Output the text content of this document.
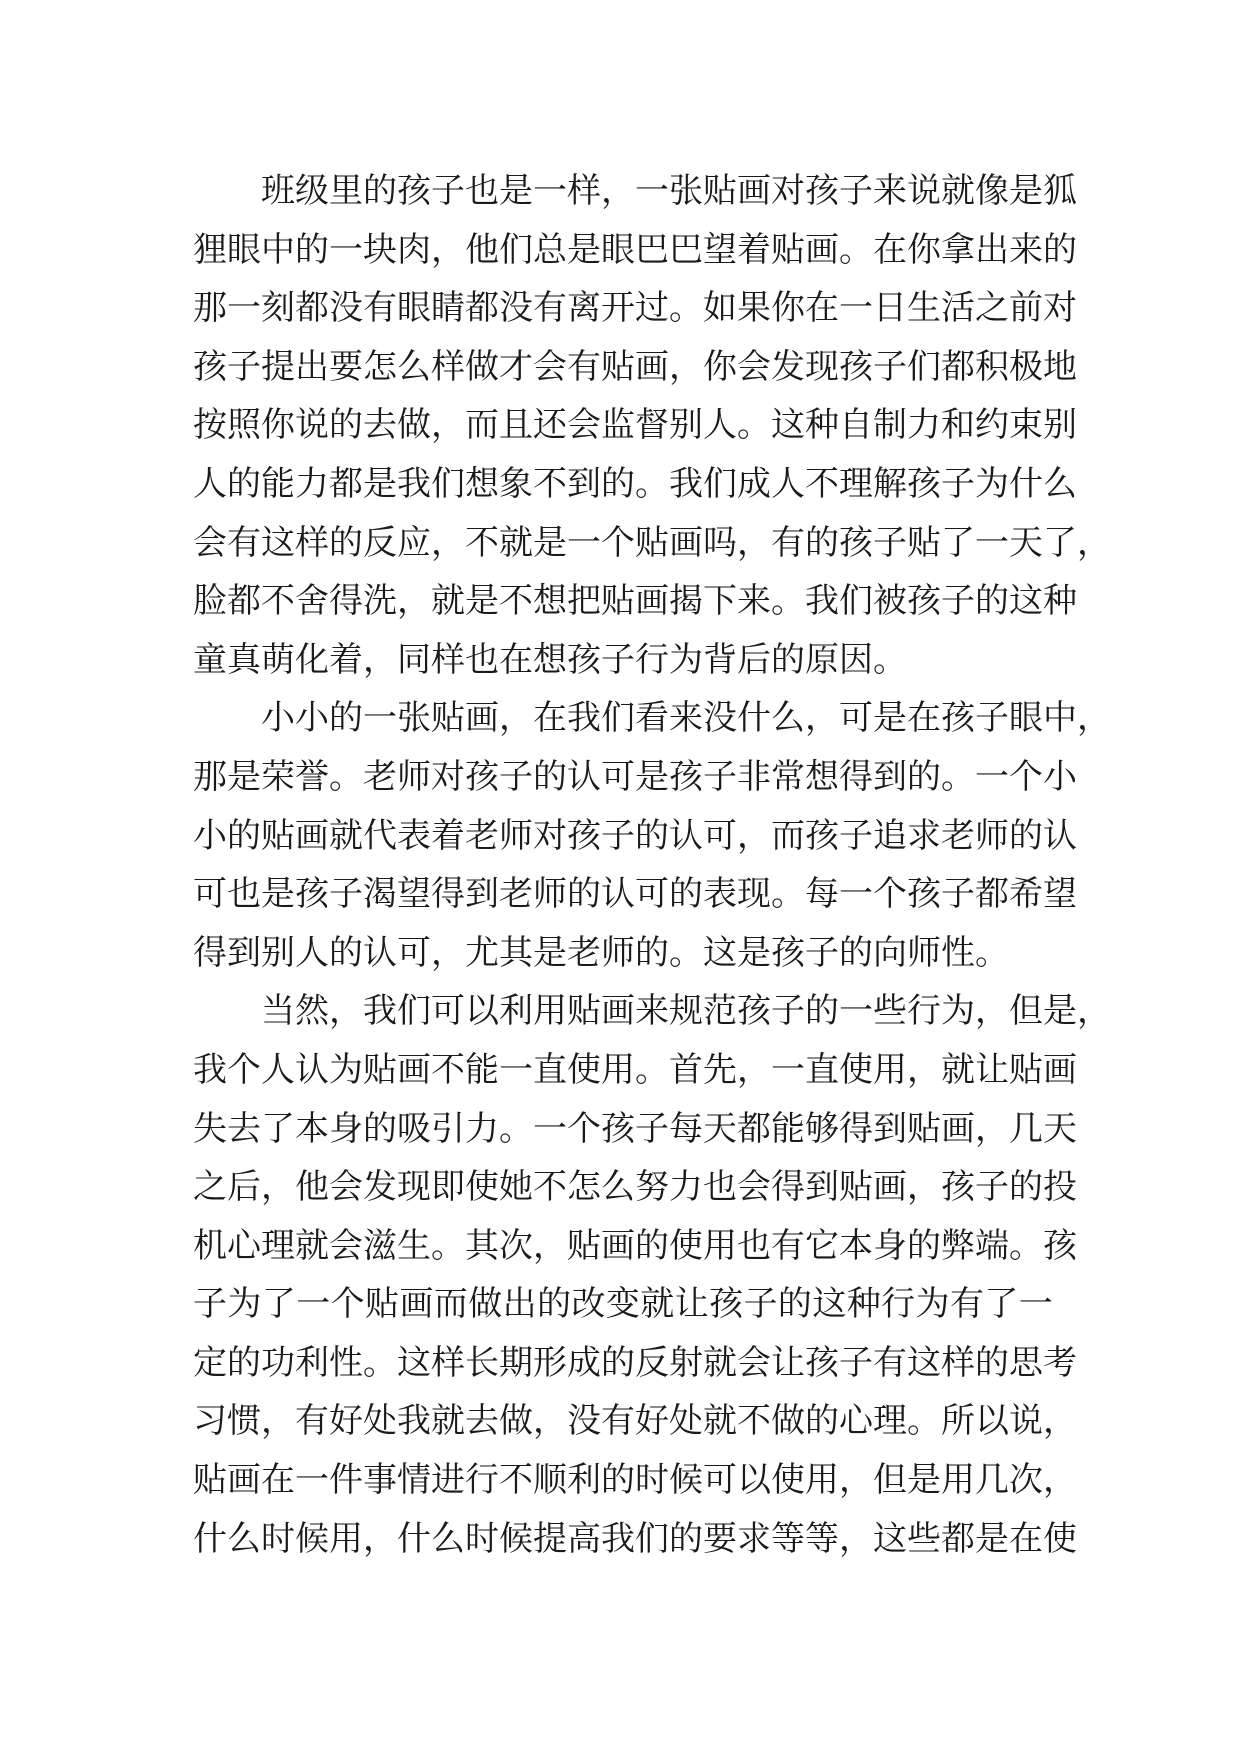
班 级 里 的 孩 子 也 是 一 样 ， 一 张 贴 画 对 孩 子 来 说 就 像 是 狐
狸 眼 中 的 一 块 肉 ， 他 们 总 是 眼 巴 巴 望 着 贴 画 。 在 你 拿 出 来 的
那 一 刻 都 没 有 眼 睛 都 没 有 离 开 过 。 如 果 你 在 一 日 生 活 之 前 对
孩 子 提 出 要 怎 么 样 做 才 会 有 贴 画 ， 你 会 发 现 孩 子 们 都 积 极 地
按 照 你 说 的 去 做 ， 而 且 还 会 监 督 别 人 。 这 种 自 制 力 和 约 束 别
人 的 能 力 都 是 我 们 想 象 不 到 的 。 我 们 成 人 不 理 解 孩 子 为 什 么
会 有 这 样 的 反 应 ， 不 就 是 一 个 贴 画 吗 ， 有 的 孩 子 贴 了 一 天 了 ，
脸 都 不 舍 得 洗 ， 就 是 不 想 把 贴 画 揭 下 来 。 我 们 被 孩 子 的 这 种
童 真 萌 化 着 ， 同 样 也 在 想 孩 子 行 为 背 后 的 原 因 。
小 小 的 一 张 贴 画 ， 在 我 们 看 来 没 什 么 ， 可 是 在 孩 子 眼 中 ，
那 是 荣 誉 。 老 师 对 孩 子 的 认 可 是 孩 子 非 常 想 得 到 的 。 一 个 小
小 的 贴 画 就 代 表 着 老 师 对 孩 子 的 认 可 ， 而 孩 子 追 求 老 师 的 认
可 也 是 孩 子 渴 望 得 到 老 师 的 认 可 的 表 现 。 每 一 个 孩 子 都 希 望
得 到 别 人 的 认 可 ， 尤 其 是 老 师 的 。 这 是 孩 子 的 向 师 性 。
当 然 ， 我 们 可 以 利 用 贴 画 来 规 范 孩 子 的 一 些 行 为 ， 但 是 ，
我 个 人 认 为 贴 画 不 能 一 直 使 用 。 首 先 ， 一 直 使 用 ， 就 让 贴 画
失 去 了 本 身 的 吸 引 力 。 一 个 孩 子 每 天 都 能 够 得 到 贴 画 ， 几 天
之 后 ， 他 会 发 现 即 使 她 不 怎 么 努 力 也 会 得 到 贴 画 ， 孩 子 的 投
机 心 理 就 会 滋 生 。 其 次 ， 贴 画 的 使 用 也 有 它 本 身 的 弊 端 。 孩
子 为 了 一 个 贴 画 而 做 出 的 改 变 就 让 孩 子 的 这 种 行 为 有 了 一
定 的 功 利 性 。 这 样 长 期 形 成 的 反 射 就 会 让 孩 子 有 这 样 的 思 考
习 惯 ， 有 好 处 我 就 去 做 ， 没 有 好 处 就 不 做 的 心 理 。 所 以 说 ，
贴 画 在 一 件 事 情 进 行 不 顺 利 的 时 候 可 以 使 用 ， 但 是 用 几 次 ，
什 么 时 候 用 ， 什 么 时 候 提 高 我 们 的 要 求 等 等 ， 这 些 都 是 在 使
